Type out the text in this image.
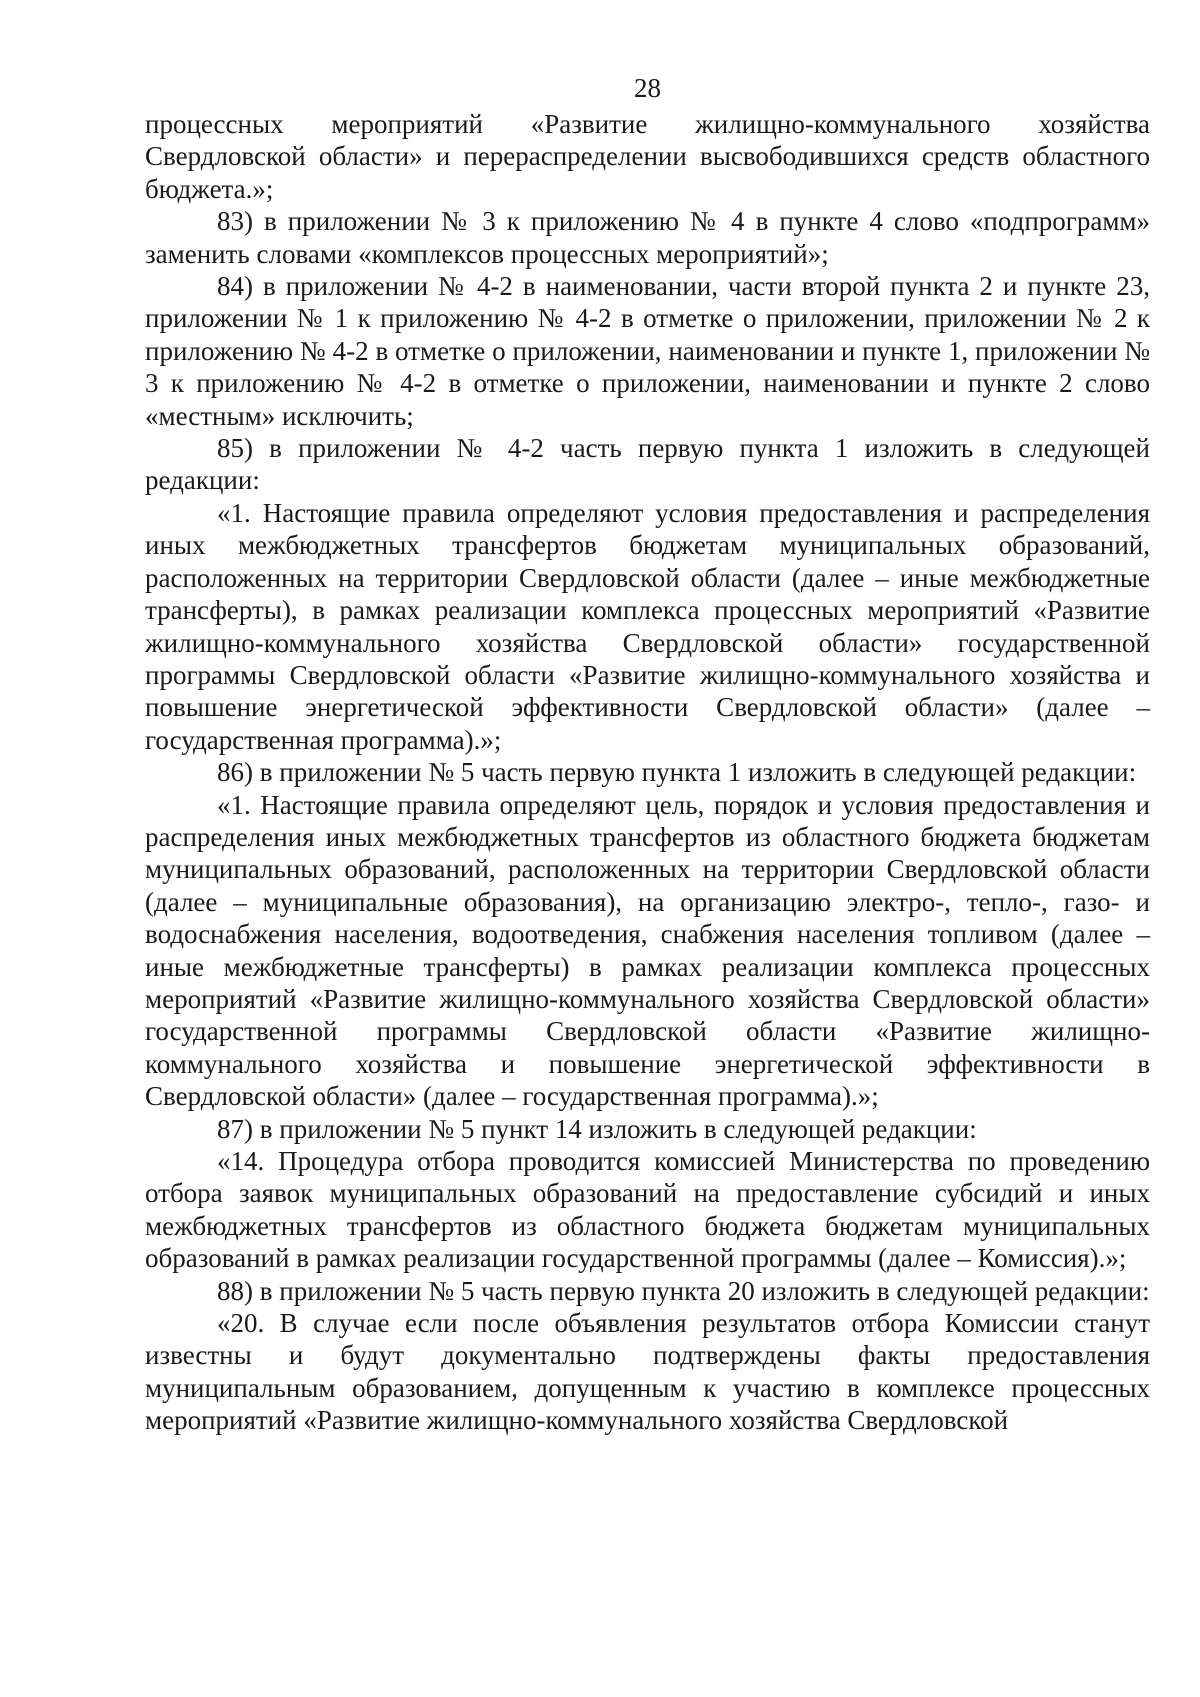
28

процессных мероприятий «Развитие жилищно-коммунального хозяйства Свердловской области» и перераспределении высвободившихся средств областного бюджета.»;

83) в приложении № 3 к приложению № 4 в пункте 4 слово «подпрограмм» заменить словами «комплексов процессных мероприятий»;

84) в приложении № 4-2 в наименовании, части второй пункта 2 и пункте 23, приложении № 1 к приложению № 4-2 в отметке о приложении, приложении № 2 к приложению № 4-2 в отметке о приложении, наименовании и пункте 1, приложении № 3 к приложению № 4-2 в отметке о приложении, наименовании и пункте 2 слово «местным» исключить;

85) в приложении № 4-2 часть первую пункта 1 изложить в следующей редакции:

«1. Настоящие правила определяют условия предоставления и распределения иных межбюджетных трансфертов бюджетам муниципальных образований, расположенных на территории Свердловской области (далее – иные межбюджетные трансферты), в рамках реализации комплекса процессных мероприятий «Развитие жилищно-коммунального хозяйства Свердловской области» государственной программы Свердловской области «Развитие жилищно-коммунального хозяйства и повышение энергетической эффективности Свердловской области» (далее – государственная программа).»;

86) в приложении № 5 часть первую пункта 1 изложить в следующей редакции:

«1. Настоящие правила определяют цель, порядок и условия предоставления и распределения иных межбюджетных трансфертов из областного бюджета бюджетам муниципальных образований, расположенных на территории Свердловской области (далее – муниципальные образования), на организацию электро-, тепло-, газо- и водоснабжения населения, водоотведения, снабжения населения топливом (далее – иные межбюджетные трансферты) в рамках реализации комплекса процессных мероприятий «Развитие жилищно-коммунального хозяйства Свердловской области» государственной программы Свердловской области «Развитие жилищно-коммунального хозяйства и повышение энергетической эффективности в Свердловской области» (далее – государственная программа).»;

87) в приложении № 5 пункт 14 изложить в следующей редакции:

«14. Процедура отбора проводится комиссией Министерства по проведению отбора заявок муниципальных образований на предоставление субсидий и иных межбюджетных трансфертов из областного бюджета бюджетам муниципальных образований в рамках реализации государственной программы (далее – Комиссия).»;

88) в приложении № 5 часть первую пункта 20 изложить в следующей редакции:

«20. В случае если после объявления результатов отбора Комиссии станут известны и будут документально подтверждены факты предоставления муниципальным образованием, допущенным к участию в комплексе процессных мероприятий «Развитие жилищно-коммунального хозяйства Свердловской
